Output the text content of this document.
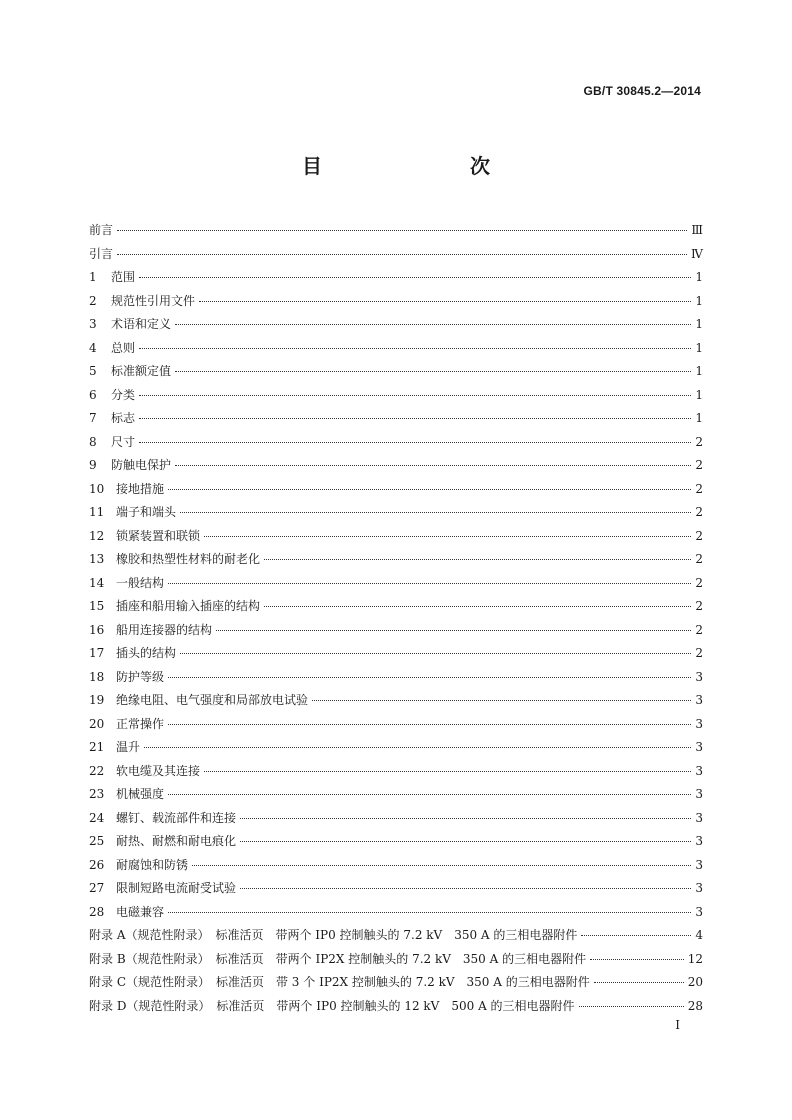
GB/T 30845.2—2014
目　　次
前言	Ⅲ
引言	Ⅳ
1	范围	1
2	规范性引用文件	1
3	术语和定义	1
4	总则	1
5	标准额定值	1
6	分类	1
7	标志	1
8	尺寸	2
9	防触电保护	2
10 接地措施	2
11 端子和端头	2
12 锁紧装置和联锁	2
13 橡胶和热塑性材料的耐老化	2
14 一般结构	2
15 插座和船用输入插座的结构	2
16 船用连接器的结构	2
17 插头的结构	2
18 防护等级	3
19 绝缘电阻、电气强度和局部放电试验	3
20 正常操作	3
21 温升	3
22 软电缆及其连接	3
23 机械强度	3
24 螺钉、载流部件和连接	3
25 耐热、耐燃和耐电痕化	3
26 耐腐蚀和防锈	3
27 限制短路电流耐受试验	3
28 电磁兼容	3
附录 A（规范性附录）　标准活页　带两个 IP0 控制触头的 7.2 kV　350 A 的三相电器附件	4
附录 B（规范性附录）　标准活页　带两个 IP2X 控制触头的 7.2 kV　350 A 的三相电器附件	12
附录 C（规范性附录）　标准活页　带 3 个 IP2X 控制触头的 7.2 kV　350 A 的三相电器附件	20
附录 D（规范性附录）　标准活页　带两个 IP0 控制触头的 12 kV　500 A 的三相电器附件	28
I
